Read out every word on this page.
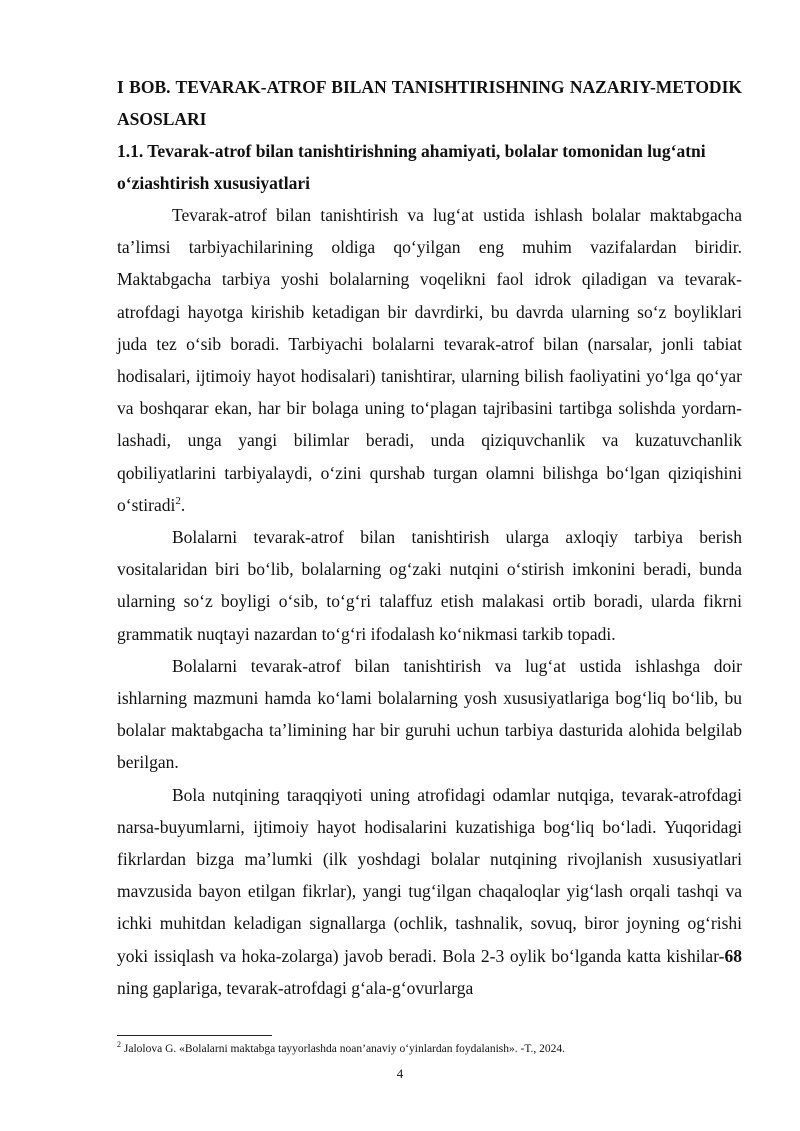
I BOB. TEVARAK-ATROF BILAN TANISHTIRISHNING NAZARIY-METODIK ASOSLARI
1.1. Tevarak-atrof bilan tanishtirishning ahamiyati, bolalar tomonidan lug‘atni o‘ziashtirish xususiyatlari

Tevarak-atrof bilan tanishtirish va lug‘at ustida ishlash bolalar maktabgacha ta’limsi tarbiyachilarining oldiga qo‘yilgan eng muhim vazifalardan biridir. Maktabgacha tarbiya yoshi bolalarning voqelikni faol idrok qiladigan va tevarak-atrofdagi hayotga kirishib ketadigan bir davrdirki, bu davrda ularning so‘z boyliklari juda tez o‘sib boradi. Tarbiyachi bolalarni tevarak-atrof bilan (narsalar, jonli tabiat hodisalari, ijtimoiy hayot hodisalari) tanishtirar, ularning bilish faoliyatini yo‘lga qo‘yar va boshqarar ekan, har bir bolaga uning to‘plagan tajribasini tartibga solishda yordarn-lashadi, unga yangi bilimlar beradi, unda qiziquvchanlik va kuzatuvchanlik qobiliyatlarini tarbiyalaydi, o‘zini qurshab turgan olamni bilishga bo‘lgan qiziqishini o‘stiradi$^2$.

Bolalarni tevarak-atrof bilan tanishtirish ularga axloqiy tarbiya berish vositalaridan biri bo‘lib, bolalarning og‘zaki nutqini o‘stirish imkonini beradi, bunda ularning so‘z boyligi o‘sib, to‘g‘ri talaffuz etish malakasi ortib boradi, ularda fikrni grammatik nuqtayi nazardan to‘g‘ri ifodalash ko‘nikmasi tarkib topadi.

Bolalarni tevarak-atrof bilan tanishtirish va lug‘at ustida ishlashga doir ishlarning mazmuni hamda ko‘lami bolalarning yosh xususiyatlariga bog‘liq bo‘lib, bu bolalar maktabgacha ta’limining har bir guruhi uchun tarbiya dasturida alohida belgilab berilgan.

Bola nutqining taraqqiyoti uning atrofidagi odamlar nutqiga, tevarak-atrofdagi narsa-buyumlarni, ijtimoiy hayot hodisalarini kuzatishiga bog‘liq bo‘ladi. Yuqoridagi fikrlardan bizga ma’lumki (ilk yoshdagi bolalar nutqining rivojlanish xususiyatlari mavzusida bayon etilgan fikrlar), yangi tug‘ilgan chaqaloqlar yig‘lash orqali tashqi va ichki muhitdan keladigan signallarga (ochlik, tashnalik, sovuq, biror joyning og‘rishi yoki issiqlash va hoka-zolarga) javob beradi. Bola 2-3 oylik bo‘lganda katta kishilar-68 ning gaplariga, tevarak-atrofdagi g‘ala-g‘ovurlarga

$^2$ Jalolova G. «Bolalarni maktabga tayyorlashda noan’anaviy o‘yinlardan foydalanish». -T., 2024.
4
